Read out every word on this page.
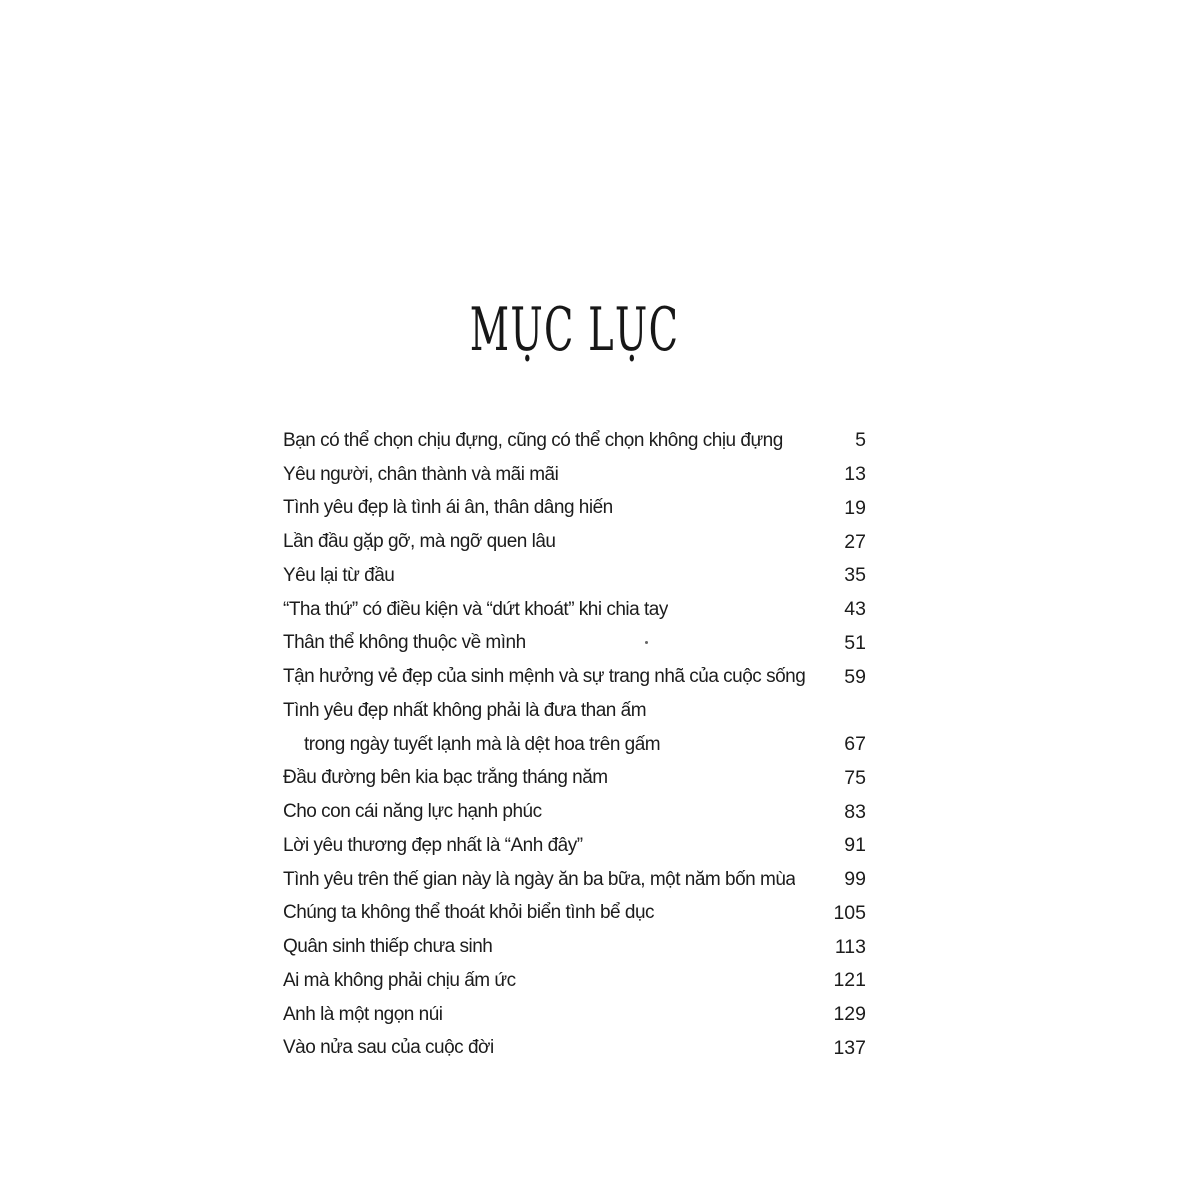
MỤC LỤC
Bạn có thể chọn chịu đựng, cũng có thể chọn không chịu đựng	5
Yêu người, chân thành và mãi mãi	13
Tình yêu đẹp là tình ái ân, thân dâng hiến	19
Lần đầu gặp gỡ, mà ngỡ quen lâu	27
Yêu lại từ đầu	35
“Tha thứ” có điều kiện và “dứt khoát” khi chia tay	43
Thân thể không thuộc về mình	51
Tận hưởng vẻ đẹp của sinh mệnh và sự trang nhã của cuộc sống 59
Tình yêu đẹp nhất không phải là đưa than ấm
trong ngày tuyết lạnh mà là dệt hoa trên gấm	67
Đầu đường bên kia bạc trắng tháng năm	75
Cho con cái năng lực hạnh phúc	83
Lời yêu thương đẹp nhất là “Anh đây”	91
Tình yêu trên thế gian này là ngày ăn ba bữa, một năm bốn mùa	99
Chúng ta không thể thoát khỏi biển tình bể dục	105
Quân sinh thiếp chưa sinh	113
Ai mà không phải chịu ấm ức	121
Anh là một ngọn núi	129
Vào nửa sau của cuộc đời	137
